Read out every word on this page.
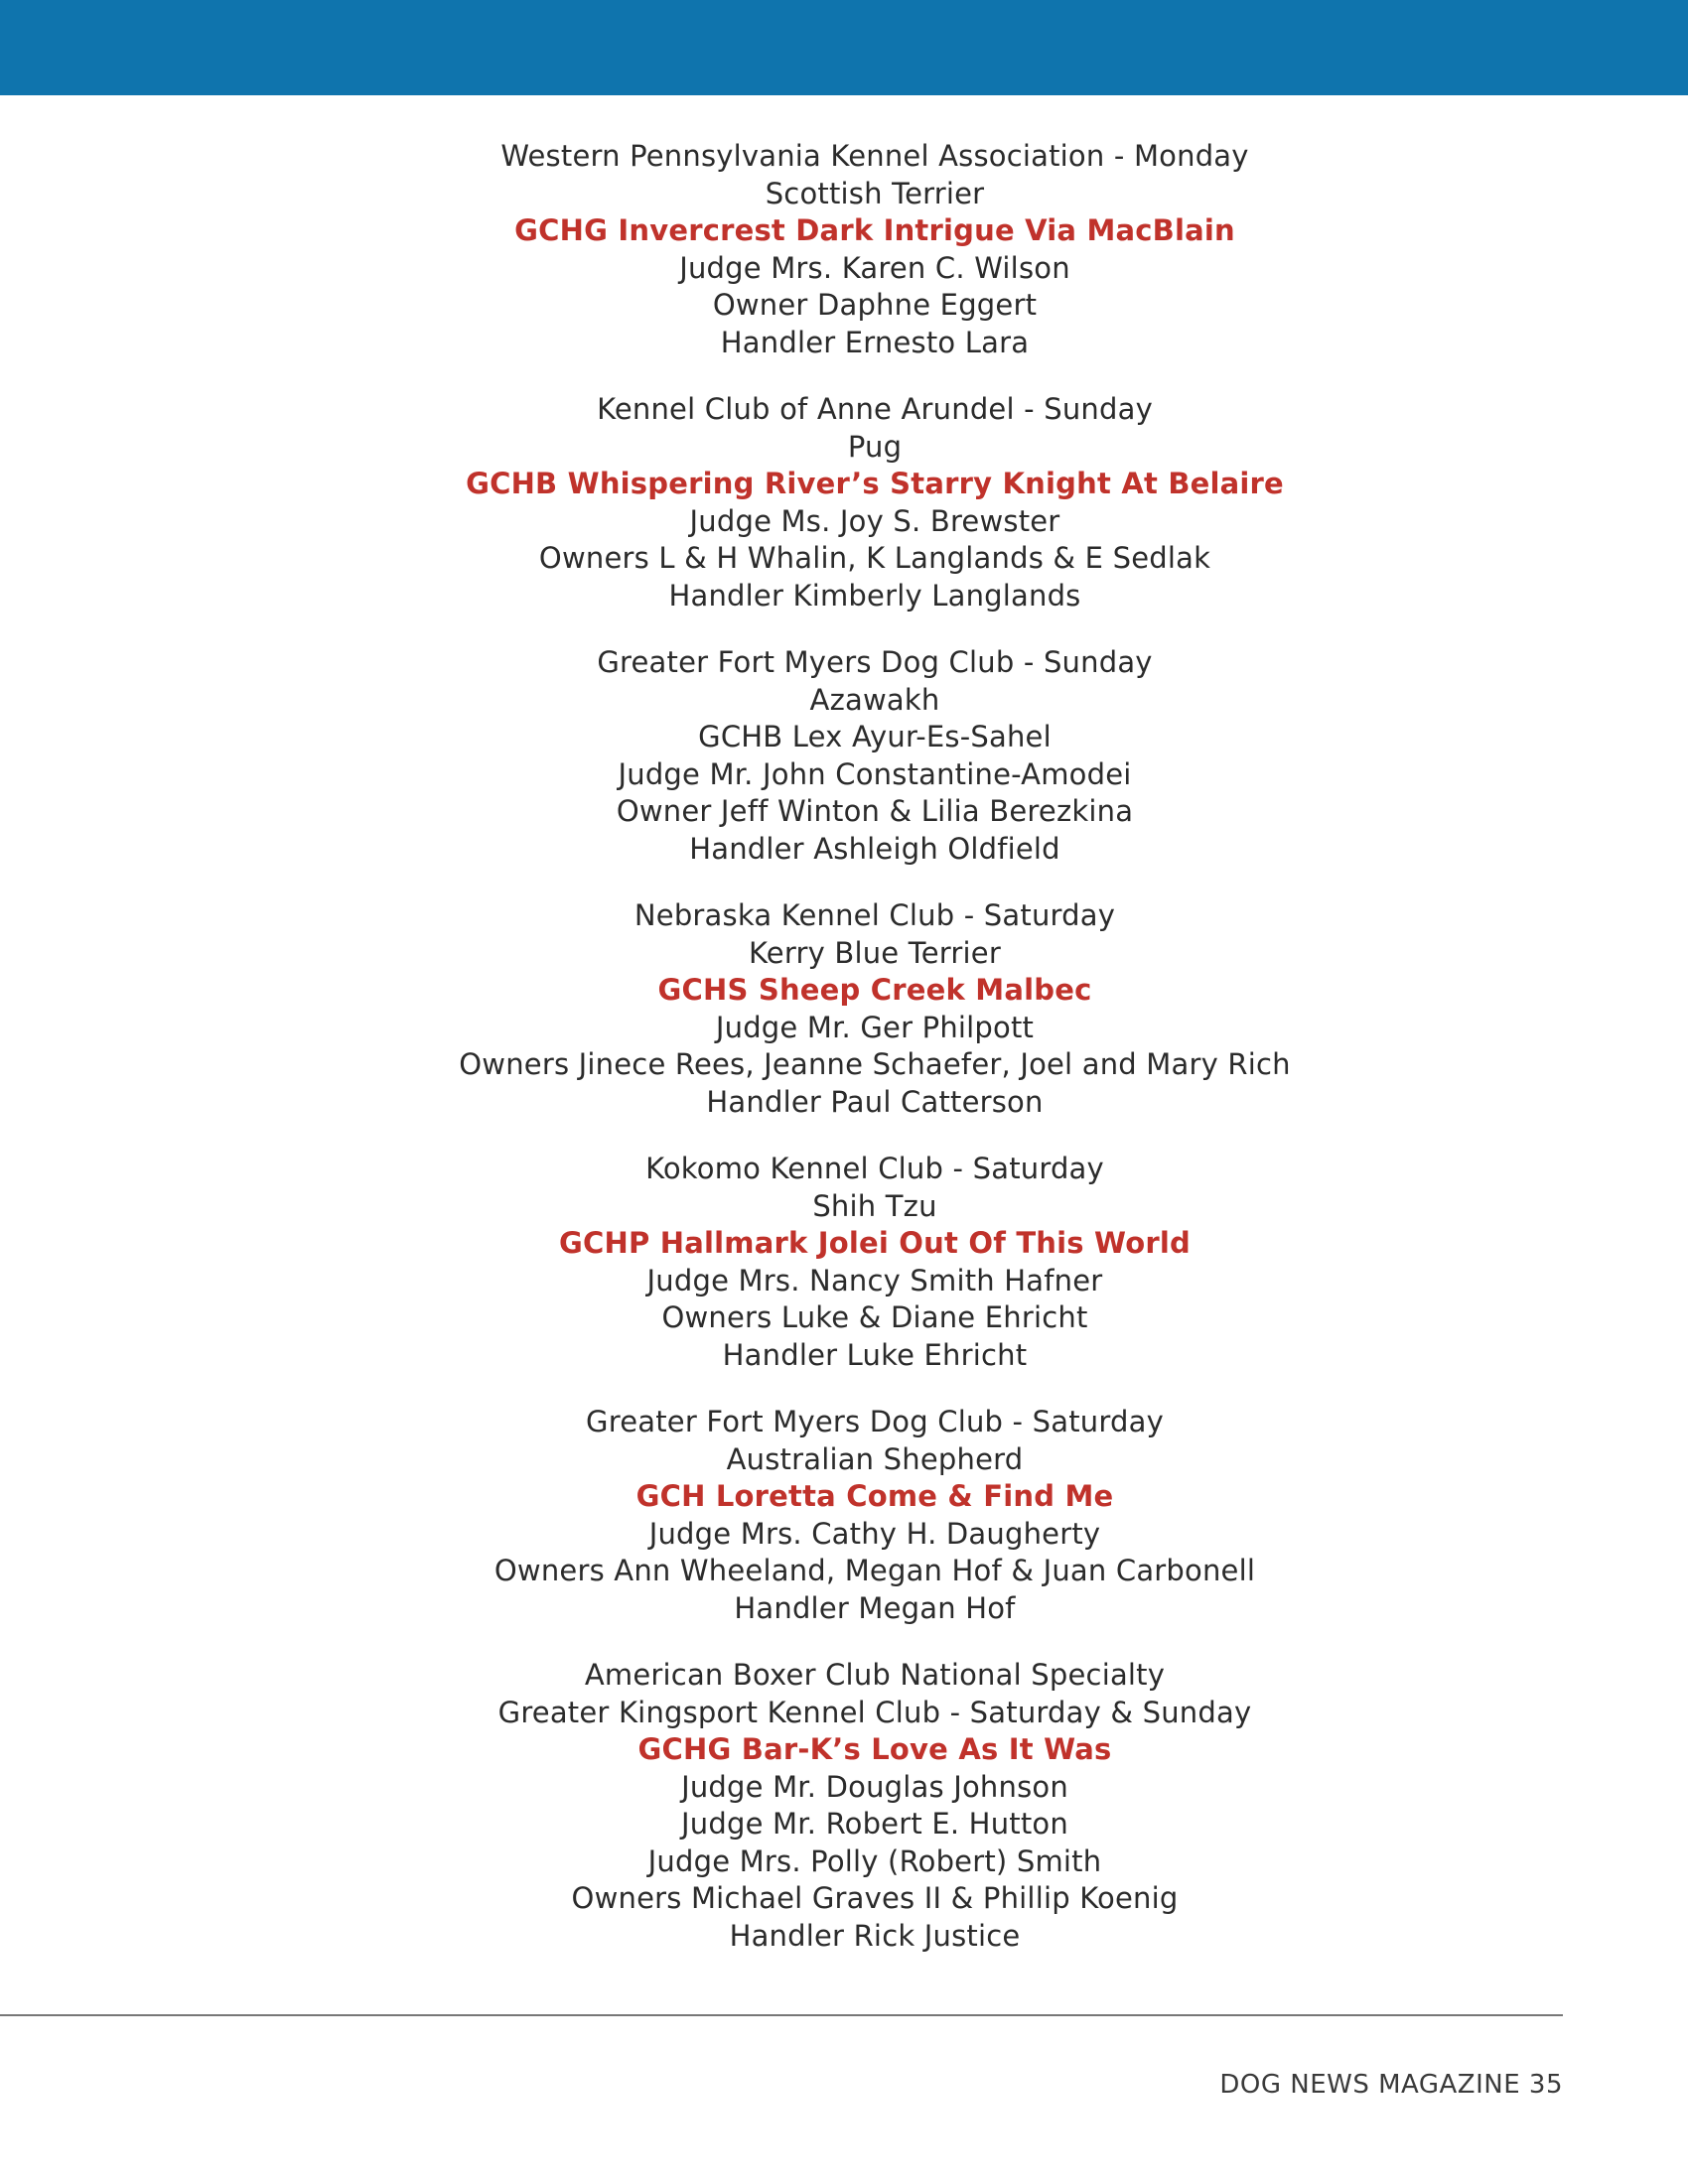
Western Pennsylvania Kennel Association - Monday
Scottish Terrier
GCHG Invercrest Dark Intrigue Via MacBlain
Judge Mrs. Karen C. Wilson
Owner Daphne Eggert
Handler Ernesto Lara
Kennel Club of Anne Arundel - Sunday
Pug
GCHB Whispering River’s Starry Knight At Belaire
Judge Ms. Joy S. Brewster
Owners L & H Whalin, K Langlands & E Sedlak
Handler Kimberly Langlands
Greater Fort Myers Dog Club - Sunday
Azawakh
GCHB Lex Ayur-Es-Sahel
Judge Mr. John Constantine-Amodei
Owner Jeff Winton & Lilia Berezkina
Handler Ashleigh Oldfield
Nebraska Kennel Club - Saturday
Kerry Blue Terrier
GCHS Sheep Creek Malbec
Judge Mr. Ger Philpott
Owners Jinece Rees, Jeanne Schaefer, Joel and Mary Rich
Handler Paul Catterson
Kokomo Kennel Club - Saturday
Shih Tzu
GCHP Hallmark Jolei Out Of This World
Judge Mrs. Nancy Smith Hafner
Owners Luke & Diane Ehricht
Handler Luke Ehricht
Greater Fort Myers Dog Club - Saturday
Australian Shepherd
GCH Loretta Come & Find Me
Judge Mrs. Cathy H. Daugherty
Owners Ann Wheeland, Megan Hof & Juan Carbonell
Handler Megan Hof
American Boxer Club National Specialty
Greater Kingsport Kennel Club - Saturday & Sunday
GCHG Bar-K’s Love As It Was
Judge Mr. Douglas Johnson
Judge Mr. Robert E. Hutton
Judge Mrs. Polly (Robert) Smith
Owners Michael Graves II & Phillip Koenig
Handler Rick Justice
DOG NEWS MAGAZINE 35
